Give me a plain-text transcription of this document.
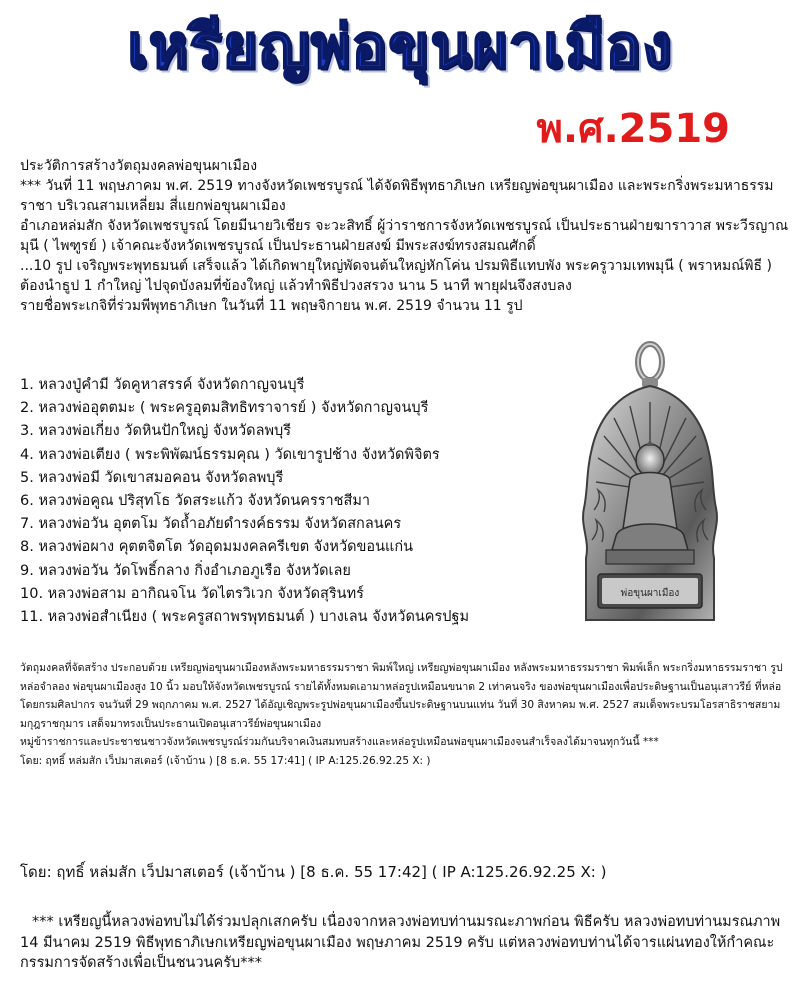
เหรียญพ่อขุนผาเมือง
พ.ศ.2519

ประวัติการสร้างวัตถุมงคลพ่อขุนผาเมือง

*** วันที่ 11 พฤษภาคม พ.ศ. 2519 ทางจังหวัดเพชรบูรณ์ ได้จัดพิธีพุทธาภิเษก เหรียญพ่อขุนผาเมือง และพระกริ่งพระมหาธรรมราชา บริเวณสามเหลี่ยม สี่แยกพ่อขุนผาเมือง

อำเภอหล่มสัก จังหวัดเพชรบูรณ์ โดยมีนายวิเชียร จะวะสิทธิ์ ผู้ว่าราชการจังหวัดเพชรบูรณ์ เป็นประธานฝ่ายฆาราวาส พระวีรญาณมุนี ( ไพฑูรย์ ) เจ้าคณะจังหวัดเพชรบูรณ์ เป็นประธานฝ่ายสงฆ์ มีพระสงฆ์ทรงสมณศักดิ์

...10 รูป เจริญพระพุทธมนต์ เสร็จแล้ว ได้เกิดพายุใหญ่พัดจนต้นใหญ่หักโค่น ปรมพิธีแทบพัง พระครูวามเทพมุนี ( พราหมณ์พิธี ) ต้องนำธูป 1 กำใหญ่ ไปจุดบังลมที่ข้องใหญ่ แล้วทำพิธีปวงสรวง นาน 5 นาที พายุฝนจึงสงบลง

รายชื่อพระเกจิที่ร่วมพีพุทธาภิเษก ในวันที่ 11 พฤษจิกายน พ.ศ. 2519 จำนวน 11 รูป

1. หลวงปู่คำมี วัดคูหาสรรค์ จังหวัดกาญจนบุรี
2. หลวงพ่ออุตตมะ ( พระครูอุตมสิทธิทราจารย์ ) จังหวัดกาญจนบุรี
3. หลวงพ่อเกี่ยง วัดหินปักใหญ่ จังหวัดลพบุรี
4. หลวงพ่อเตียง ( พระพิพัฒน์ธรรมคุณ ) วัดเขารูปช้าง จังหวัดพิจิตร
5. หลวงพ่อมี วัดเขาสมอคอน จังหวัดลพบุรี
6. หลวงพ่อคูณ ปริสุทโธ วัดสระแก้ว จังหวัดนครราชสีมา
7. หลวงพ่อวัน อุตตโม วัดถ้ำอภัยดำรงค์ธรรม จังหวัดสกลนคร
8. หลวงพ่อผาง คุตตจิตโต วัดอุดมมงคลครีเขต จังหวัดขอนแก่น
9. หลวงพ่อวัน วัดโพธิ์กลาง กิ่งอำเภอภูเรือ จังหวัดเลย
10. หลวงพ่อสาม อากิณจโน วัดไตรวิเวก จังหวัดสุรินทร์
11. หลวงพ่อสำเนียง ( พระครูสถาพรพุทธมนต์ ) บางเลน จังหวัดนครปฐม
พ่อขุนผาเมือง

วัตถุมงคลที่จัดสร้าง ประกอบด้วย เหรียญพ่อขุนผาเมืองหลังพระมหาธรรมราชา พิมพ์ใหญ่ เหรียญพ่อขุนผาเมือง หลังพระมหาธรรมราชา พิมพ์เล็ก พระกริ่งมหาธรรมราชา รูปหล่อจำลอง พ่อขุนผาเมืองสูง 10 นิ้ว มอบให้จังหวัดเพชรบูรณ์ รายได้ทั้งหมดเอามาหล่อรูปเหมือนขนาด 2 เท่าคนจริง ของพ่อขุนผาเมืองเพื่อประดิษฐานเป็นอนุเสาวรีย์ ที่หล่อโดยกรมศิลปากร จนวันที่ 29 พฤกภาคม พ.ศ. 2527 ได้อัญเชิญพระรูปพ่อขุนผาเมืองขึ้นประดิษฐานบนแท่น วันที่ 30 สิงหาคม พ.ศ. 2527 สมเด็จพระบรมโอรสาธิราชสยามมกุฎราชกุมาร เสด็จมาทรงเป็นประธานเปิดอนุเสาวรีย์พ่อขุนผาเมือง

หมู่ข้าราชการและประชาชนชาวจังหวัดเพชรบูรณ์ร่วมกันบริจาคเงินสมทบสร้างและหล่อรูปเหมือนพ่อขุนผาเมืองจนสำเร็จลงได้มาจนทุกวันนี้ ***

โดย: ฤทธิ์ หล่มสัก เว็ปมาสเตอร์ (เจ้าบ้าน ) [8 ธ.ค. 55 17:41] ( IP A:125.26.92.25 X: )

โดย: ฤทธิ์ หล่มสัก เว็ปมาสเตอร์ (เจ้าบ้าน ) [8 ธ.ค. 55 17:42] ( IP A:125.26.92.25 X: )
*** เหรียญนี้หลวงพ่อทบไม่ได้ร่วมปลุกเสกครับ เนื่องจากหลวงพ่อทบท่านมรณะภาพก่อน พิธีครับ หลวงพ่อทบท่านมรณภาพ 14 มีนาคม 2519 พิธีพุทธาภิเษกเหรียญพ่อขุนผาเมือง พฤษภาคม 2519 ครับ แต่หลวงพ่อทบท่านได้จารแผ่นทองให้กำคณะกรรมการจัดสร้างเพื่อเป็นชนวนครับ***
